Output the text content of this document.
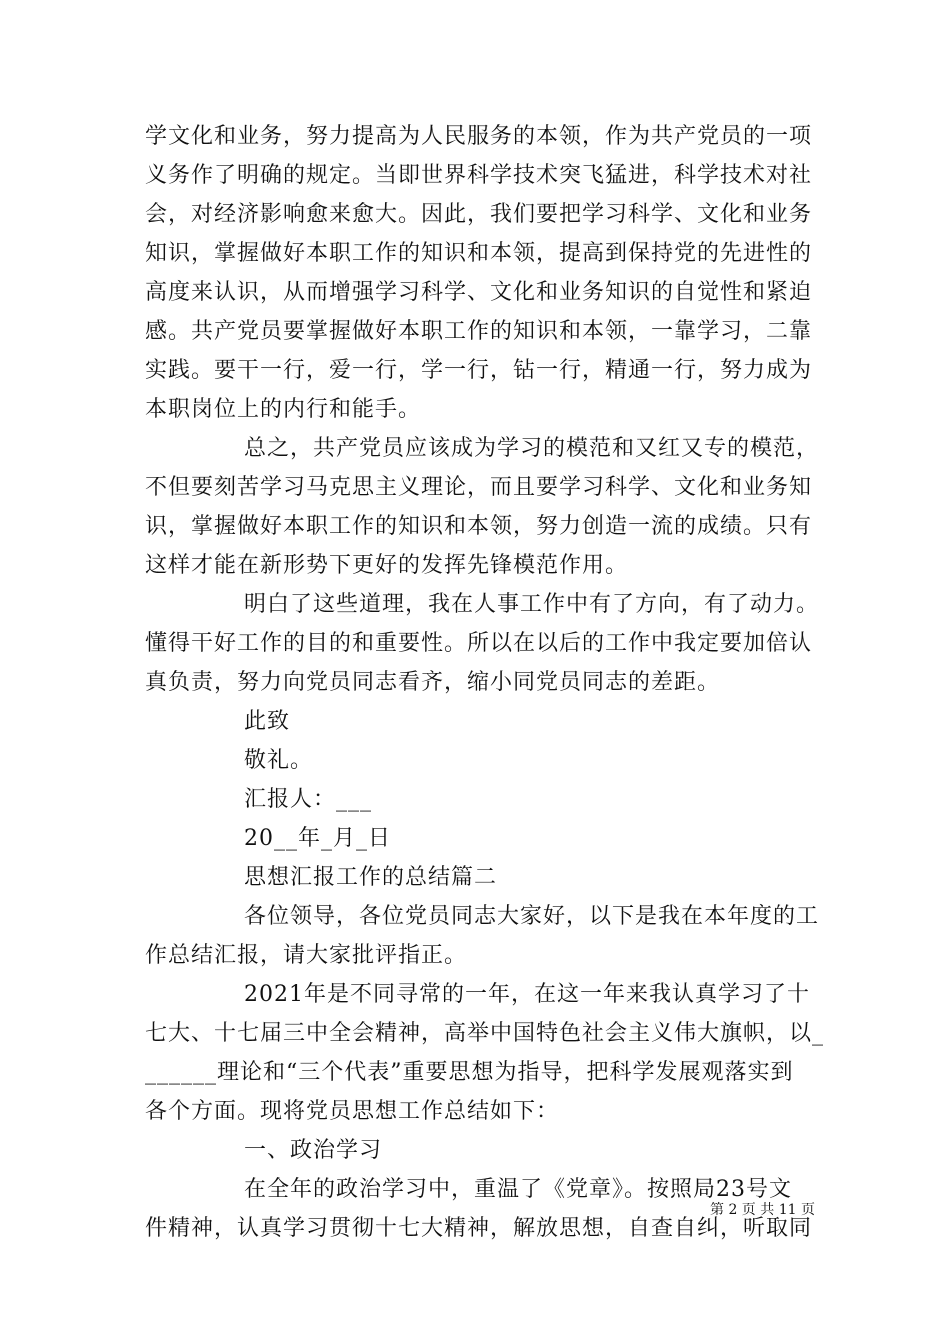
学文化和业务，努力提高为人民服务的本领，作为共产党员的一项
义务作了明确的规定。当即世界科学技术突飞猛进，科学技术对社
会，对经济影响愈来愈大。因此，我们要把学习科学、文化和业务
知识，掌握做好本职工作的知识和本领，提高到保持党的先进性的
高度来认识，从而增强学习科学、文化和业务知识的自觉性和紧迫
感。共产党员要掌握做好本职工作的知识和本领，一靠学习，二靠
实践。要干一行，爱一行，学一行，钻一行，精通一行，努力成为
本职岗位上的内行和能手。
总之，共产党员应该成为学习的模范和又红又专的模范，
不但要刻苦学习马克思主义理论，而且要学习科学、文化和业务知
识，掌握做好本职工作的知识和本领，努力创造一流的成绩。只有
这样才能在新形势下更好的发挥先锋模范作用。
明白了这些道理，我在人事工作中有了方向，有了动力。
懂得干好工作的目的和重要性。所以在以后的工作中我定要加倍认
真负责，努力向党员同志看齐，缩小同党员同志的差距。
此致
敬礼。
汇报人：___
20__年_月_日
思想汇报工作的总结篇二
各位领导，各位党员同志大家好，以下是我在本年度的工
作总结汇报，请大家批评指正。
2021年是不同寻常的一年，在这一年来我认真学习了十
七大、十七届三中全会精神，高举中国特色社会主义伟大旗帜，以_
______理论和“三个代表”重要思想为指导，把科学发展观落实到
各个方面。现将党员思想工作总结如下：
一、政治学习
在全年的政治学习中，重温了《党章》。按照局23号文
件精神，认真学习贯彻十七大精神，解放思想，自查自纠，听取同
第 2 页 共 11 页
